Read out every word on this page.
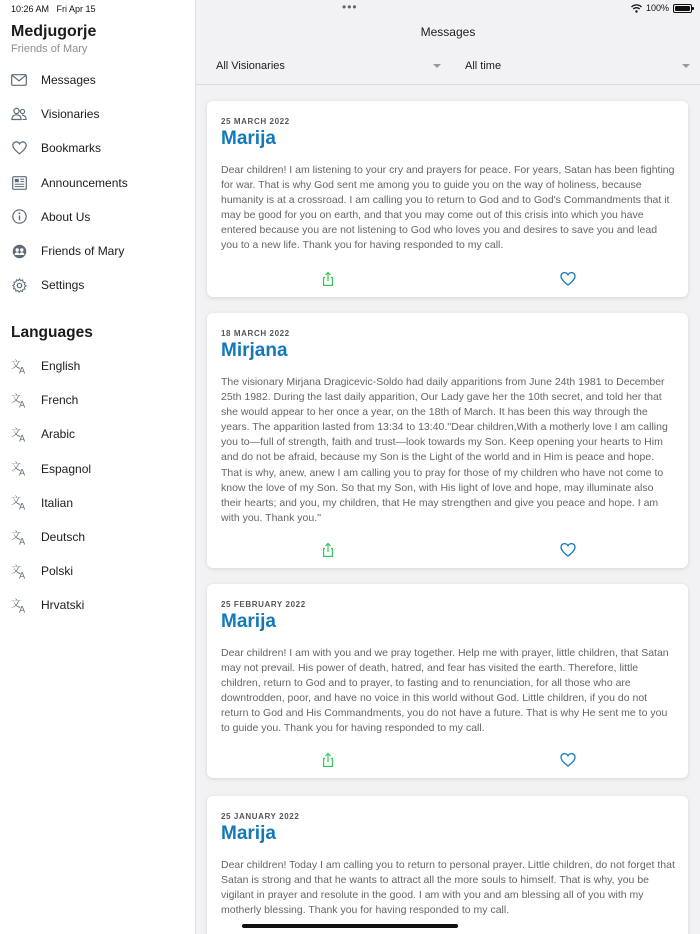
10:26 AM Fri Apr 15	•••	100%
Medjugorje
Friends of Mary
Messages
Visionaries
Bookmarks
Announcements
About Us
Friends of Mary
Settings
Languages
文
A English
文
A French
文
A Arabic
文
A Espagnol
文
A Italian
文
A Deutsch
文
A Polski
文
A Hrvatski
Messages
All Visionaries	All time
25 MARCH 2022
Marija
Dear children! I am listening to your cry and prayers for peace. For years, Satan has been fighting for war. That is why God sent me among you to guide you on the way of holiness, because humanity is at a crossroad. I am calling you to return to God and to God's Commandments that it may be good for you on earth, and that you may come out of this crisis into which you have entered because you are not listening to God who loves you and desires to save you and lead you to a new life. Thank you for having responded to my call.
18 MARCH 2022
Mirjana
The visionary Mirjana Dragicevic-Soldo had daily apparitions from June 24th 1981 to December 25th 1982. During the last daily apparition, Our Lady gave her the 10th secret, and told her that she would appear to her once a year, on the 18th of March. It has been this way through the years. The apparition lasted from 13:34 to 13:40.''Dear children,With a motherly love I am calling you to—full of strength, faith and trust—look towards my Son. Keep opening your hearts to Him and do not be afraid, because my Son is the Light of the world and in Him is peace and hope. That is why, anew, anew I am calling you to pray for those of my children who have not come to know the love of my Son. So that my Son, with His light of love and hope, may illuminate also their hearts; and you, my children, that He may strengthen and give you peace and hope. I am with you. Thank you.''
25 FEBRUARY 2022
Marija
Dear children! I am with you and we pray together. Help me with prayer, little children, that Satan may not prevail. His power of death, hatred, and fear has visited the earth. Therefore, little children, return to God and to prayer, to fasting and to renunciation, for all those who are downtrodden, poor, and have no voice in this world without God. Little children, if you do not return to God and His Commandments, you do not have a future. That is why He sent me to you to guide you. Thank you for having responded to my call.
25 JANUARY 2022
Marija
Dear children! Today I am calling you to return to personal prayer. Little children, do not forget that Satan is strong and that he wants to attract all the more souls to himself. That is why, you be vigilant in prayer and resolute in the good. I am with you and am blessing all of you with my motherly blessing. Thank you for having responded to my call.
